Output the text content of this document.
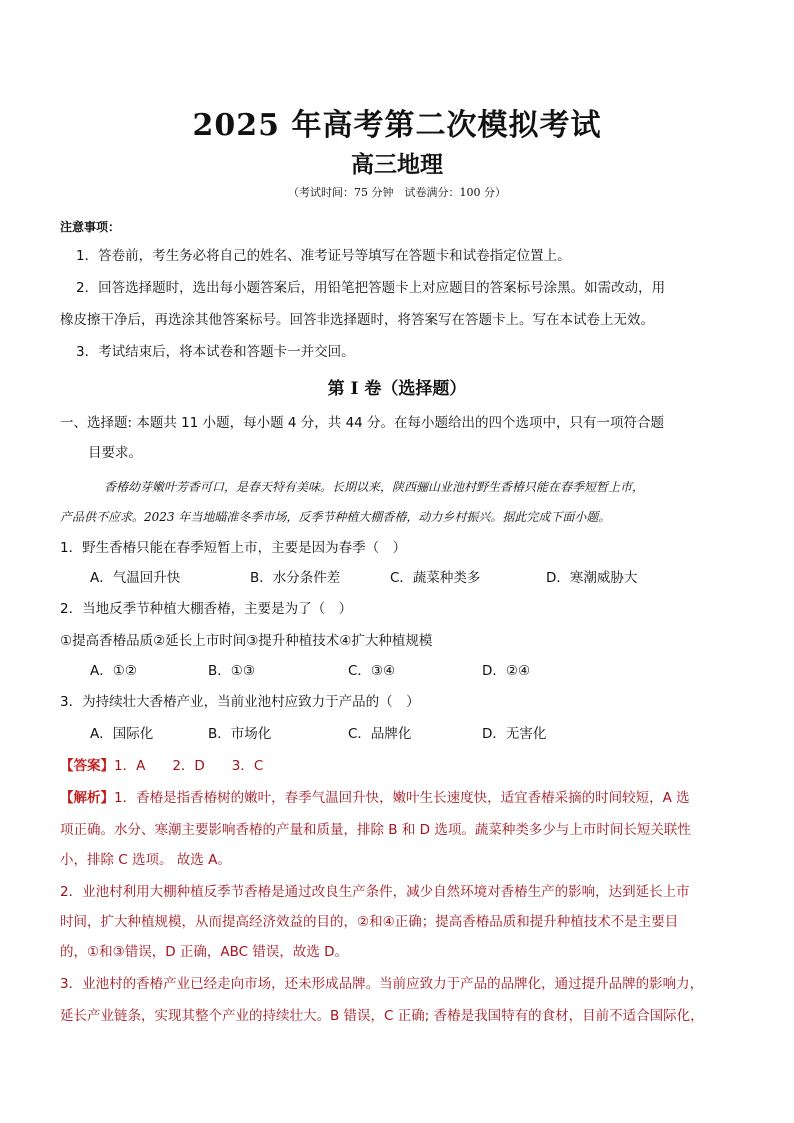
2025 年高考第二次模拟考试
高三地理
（考试时间：75 分钟　试卷满分：100 分）
注意事项：
1．答卷前，考生务必将自己的姓名、准考证号等填写在答题卡和试卷指定位置上。
2．回答选择题时，选出每小题答案后，用铅笔把答题卡上对应题目的答案标号涂黑。如需改动，用
橡皮擦干净后，再选涂其他答案标号。回答非选择题时，将答案写在答题卡上。写在本试卷上无效。
3．考试结束后，将本试卷和答题卡一并交回。
第 I 卷（选择题）
一、选择题: 本题共 11 小题，每小题 4 分，共 44 分。在每小题给出的四个选项中，只有一项符合题
目要求。
香椿幼芽嫩叶芳香可口，是春天特有美味。长期以来，陕西骊山业池村野生香椿只能在春季短暂上市，
产品供不应求。2023 年当地瞄准冬季市场，反季节种植大棚香椿，动力乡村振兴。据此完成下面小题。
1．野生香椿只能在春季短暂上市，主要是因为春季（　）
A．气温回升快	B．水分条件差	C．蔬菜种类多	D．寒潮威胁大
2．当地反季节种植大棚香椿，主要是为了（　）
①提高香椿品质②延长上市时间③提升种植技术④扩大种植规模
A．①②	B．①③	C．③④	D．②④
3．为持续壮大香椿产业，当前业池村应致力于产品的（　）
A．国际化	B．市场化	C．品牌化	D．无害化
【答案】1．A　　2．D　　3．C
【解析】1．香椿是指香椿树的嫩叶，春季气温回升快，嫩叶生长速度快，适宜香椿采摘的时间较短，A 选
项正确。水分、寒潮主要影响香椿的产量和质量，排除 B 和 D 选项。蔬菜种类多少与上市时间长短关联性
小，排除 C 选项。 故选 A。
2．业池村利用大棚种植反季节香椿是通过改良生产条件，减少自然环境对香椿生产的影响，达到延长上市
时间，扩大种植规模，从而提高经济效益的目的，②和④正确；提高香椿品质和提升种植技术不是主要目
的，①和③错误，D 正确，ABC 错误，故选 D。
3．业池村的香椿产业已经走向市场，还未形成品牌。当前应致力于产品的品牌化，通过提升品牌的影响力，
延长产业链条，实现其整个产业的持续壮大。B 错误，C 正确; 香椿是我国特有的食材，目前不适合国际化，
